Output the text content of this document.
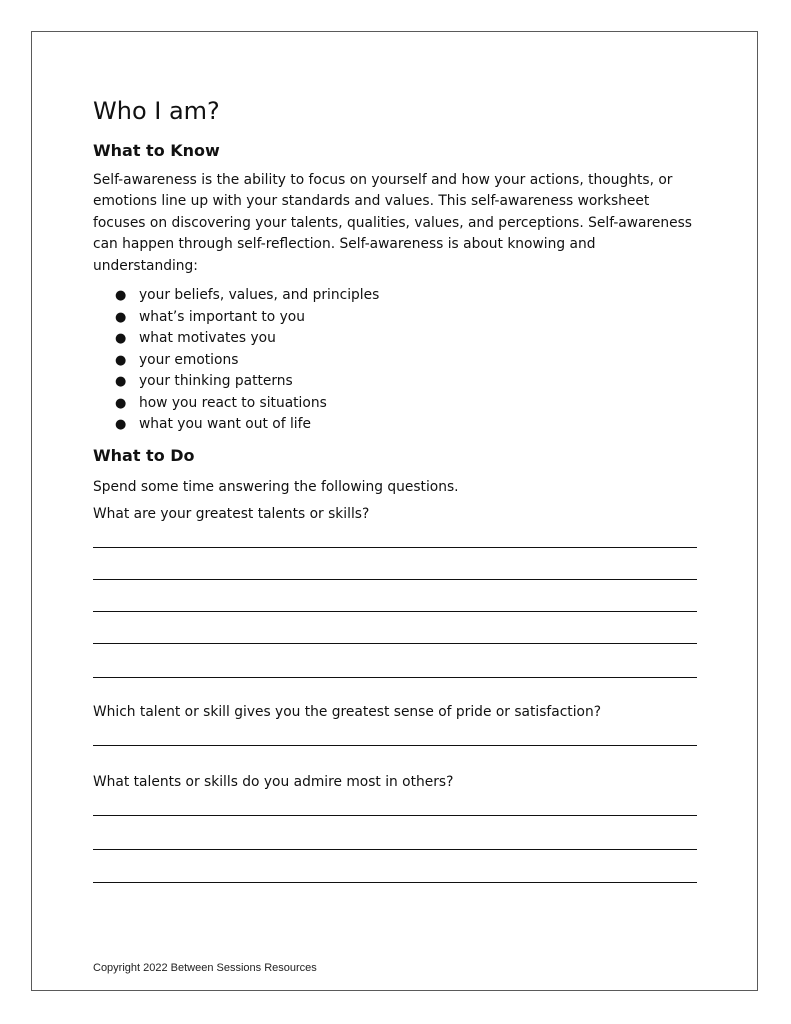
Who I am?
What to Know

Self-awareness is the ability to focus on yourself and how your actions, thoughts, or emotions line up with your standards and values. This self-awareness worksheet focuses on discovering your talents, qualities, values, and perceptions. Self-awareness can happen through self-reflection. Self-awareness is about knowing and understanding:

● your beliefs, values, and principles
● what’s important to you
● what motivates you
● your emotions
● your thinking patterns
● how you react to situations
● what you want out of life
What to Do

Spend some time answering the following questions.

What are your greatest talents or skills?

Which talent or skill gives you the greatest sense of pride or satisfaction?

What talents or skills do you admire most in others?

Copyright 2022 Between Sessions Resources
